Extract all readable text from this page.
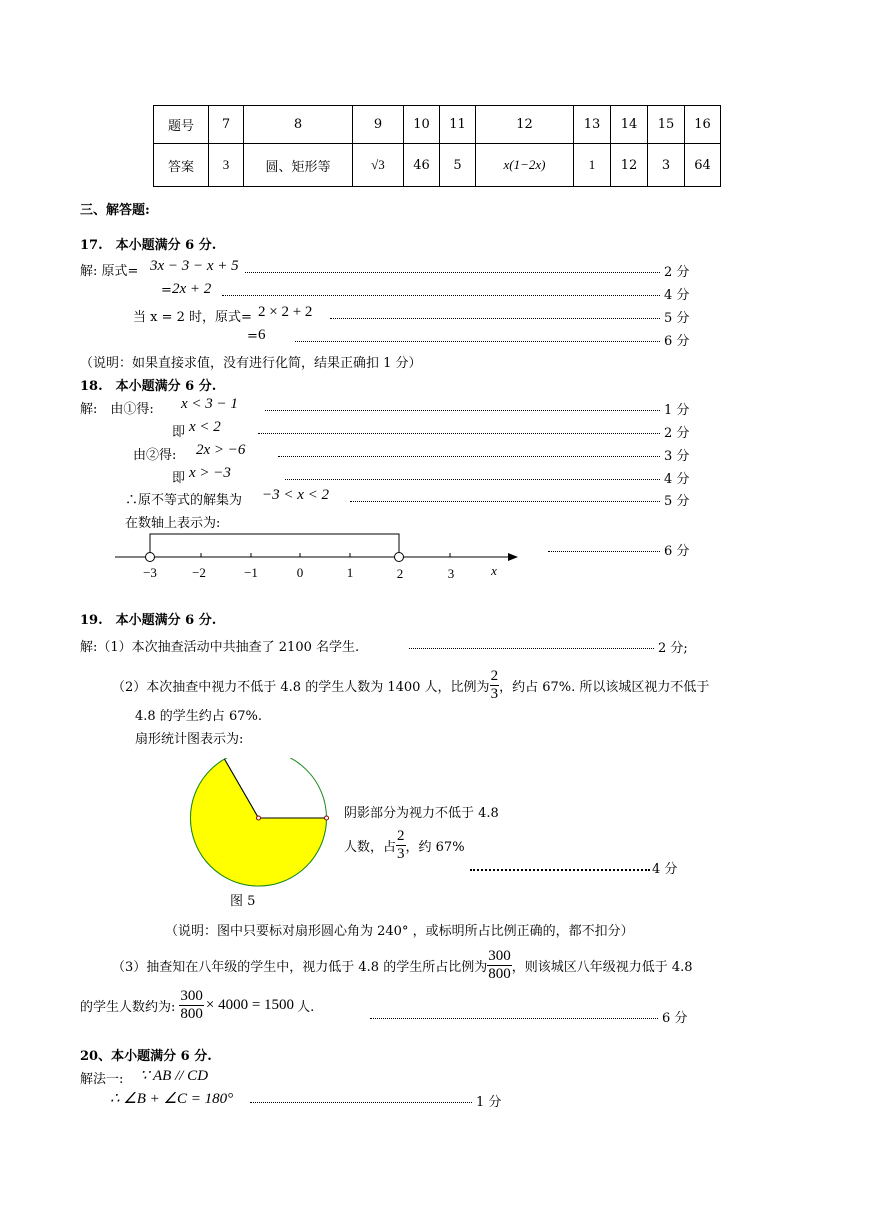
题号	7	8	9	10	11	12	13	14	15	16
答案	3	圆、矩形等	√3	46	5	x(1−2x)	1	12	3	64
三、解答题:
17.　本小题满分 6 分.
解: 原式= 3x − 3 − x + 5	2 分
= 2x + 2	4 分
当 x = 2 时，原式= 2 × 2 + 2	5 分
= 6	6 分
（说明：如果直接求值，没有进行化简，结果正确扣 1 分）
18.　本小题满分 6 分.
解:　由①得: x < 3 − 1	1 分
即 x < 2	2 分
由②得: 2x > −6	3 分
即 x > −3	4 分
∴原不等式的解集为 −3 < x < 2	5 分
在数轴上表示为:
−3	−2	−1	0	1	2	3	x
6 分
19.　本小题满分 6 分.
解:（1）本次抽查活动中共抽查了 2100 名学生.	2 分;
（2）本次抽查中视力不低于 4.8 的学生人数为 1400 人，比例为 $\frac{2}{3}$ ，约占 67%. 所以该城区视力不低于
4.8 的学生约占 67%.
扇形统计图表示为:
图 5
阴影部分为视力不低于 4.8
人数，占 $\frac{2}{3}$ ，约 67%
4 分
（说明：图中只要标对扇形圆心角为 240° ，或标明所占比例正确的，都不扣分）
（3）抽查知在八年级的学生中，视力低于 4.8 的学生所占比例为 $\frac{300}{800}$ ，则该城区八年级视力低于 4.8
的学生人数约为: $\frac{300}{800} \times 4000 = 1500$ 人.
6 分
20、本小题满分 6 分.
解法一: ∵ AB // CD
∴ ∠B + ∠C = 180°	1 分
